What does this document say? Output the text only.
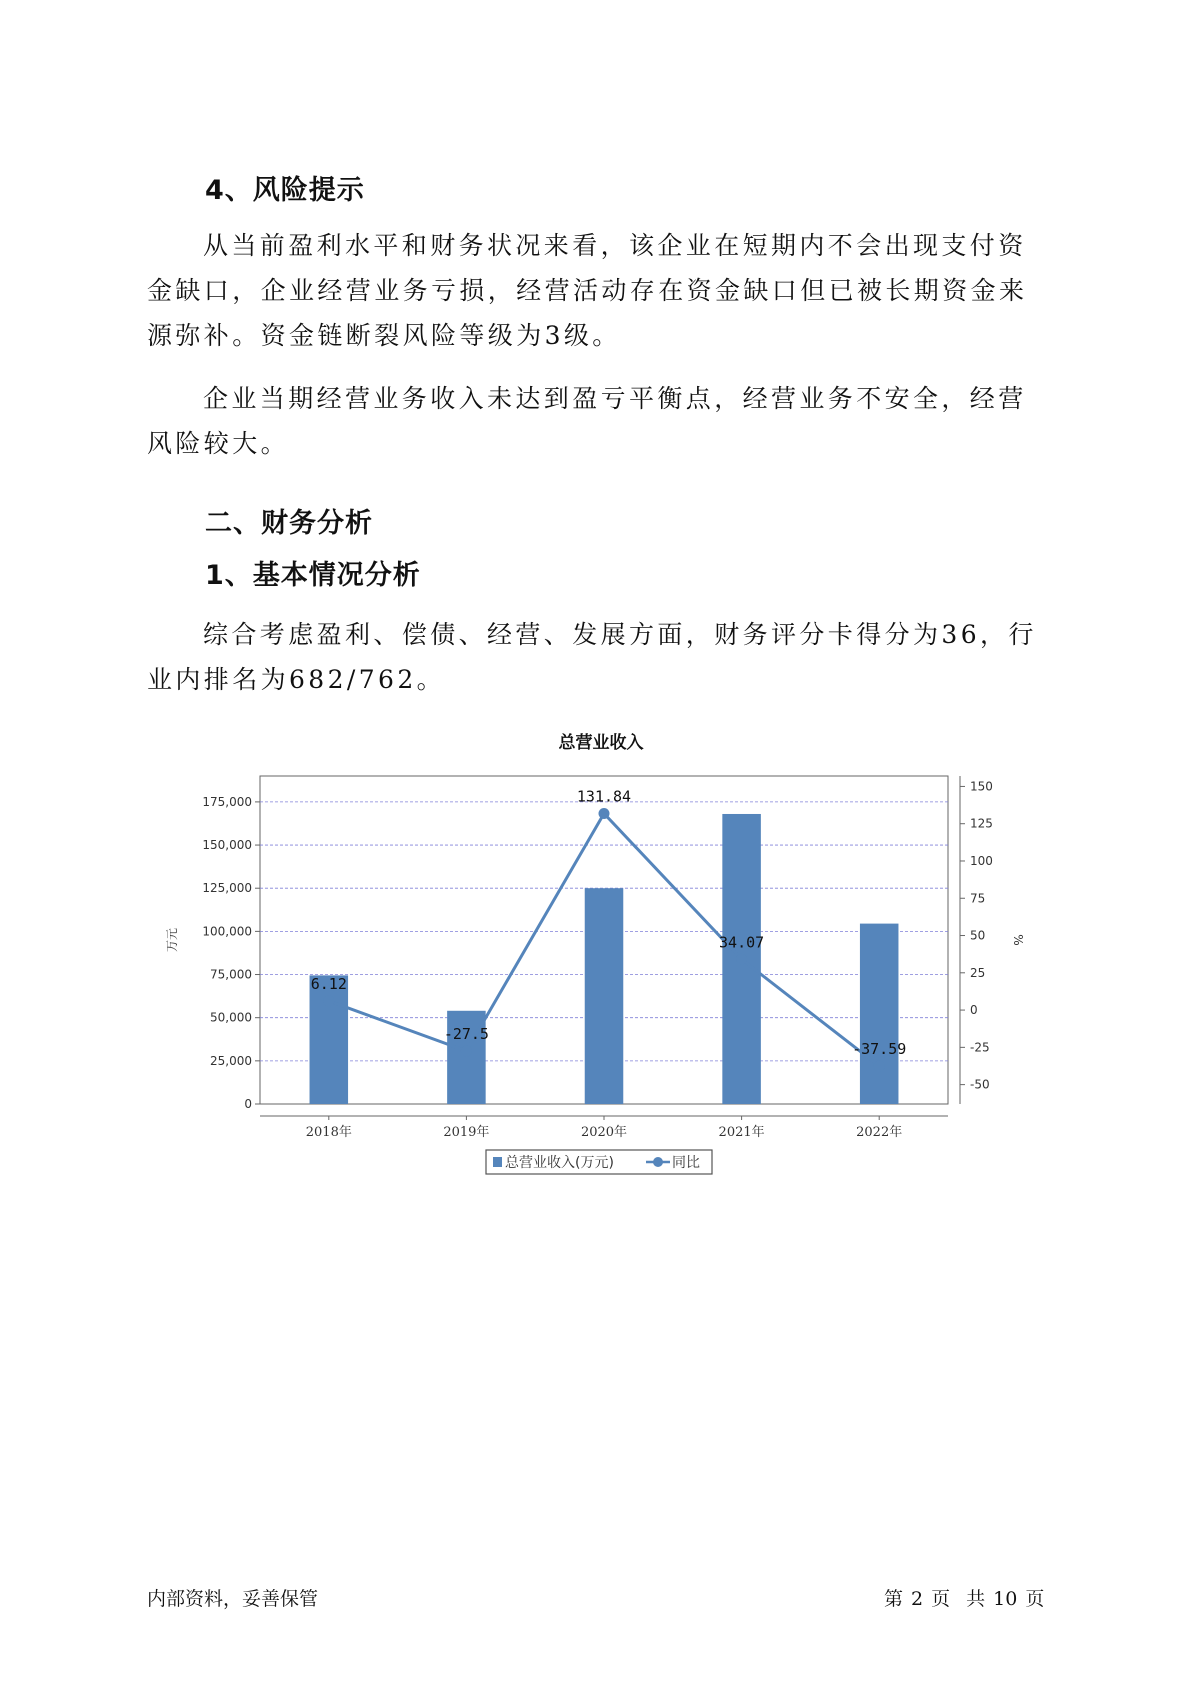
4、风险提示

从当前盈利水平和财务状况来看，该企业在短期内不会出现支付资金缺口，企业经营业务亏损，经营活动存在资金缺口但已被长期资金来源弥补。资金链断裂风险等级为3级。

企业当期经营业务收入未达到盈亏平衡点，经营业务不安全，经营风险较大。

二、财务分析
1、基本情况分析

综合考虑盈利、偿债、经营、发展方面，财务评分卡得分为36，行业内排名为682/762。

总营业收入
6.12
-27.5
131.84
34.07
-37.59
0
25,000
50,000
75,000
100,000
125,000
150,000
175,000
-50
-25
0
25
50
75
100
125
150
2018年	2019年	2020年	2021年	2022年
万元	%
总营业收入(万元)	同比
内部资料，妥善保管	第 2 页 共 10 页
